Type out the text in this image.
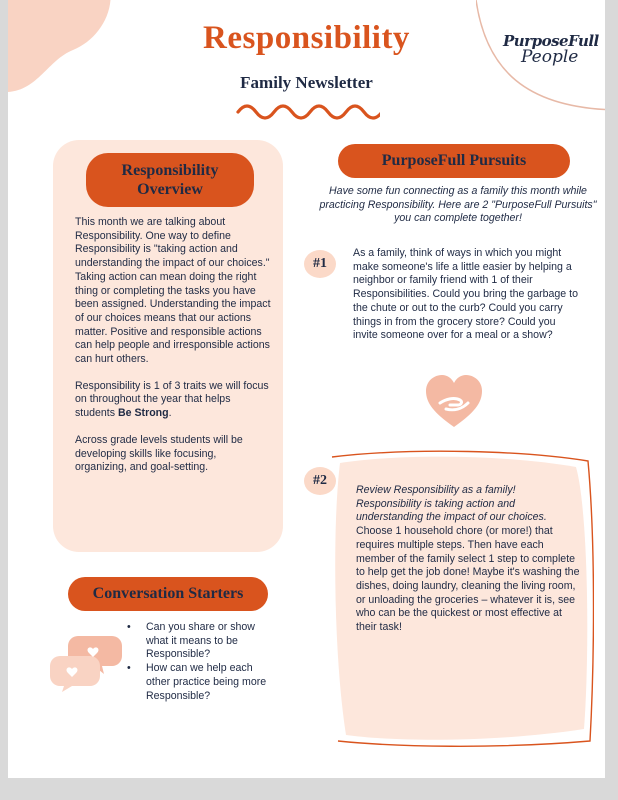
Responsibility
Family Newsletter
PurposeFull
People
Responsibility
Overview

This month we are talking about Responsibility. One way to define Responsibility is "taking action and understanding the impact of our choices." Taking action can mean doing the right thing or completing the tasks you have been assigned. Understanding the impact of our choices means that our actions matter. Positive and responsible actions can help people and irresponsible actions can hurt others.

Responsibility is 1 of 3 traits we will focus on throughout the year that helps students Be Strong.

Across grade levels students will be developing skills like focusing, organizing, and goal-setting.

Conversation Starters
• Can you share or show what it means to be Responsible?
• How can we help each other practice being more Responsible?
PurposeFull Pursuits
Have some fun connecting as a family this month while practicing Responsibility. Here are 2 "PurposeFull Pursuits" you can complete together!
#1
As a family, think of ways in which you might make someone's life a little easier by helping a neighbor or family friend with 1 of their Responsibilities. Could you bring the garbage to the chute or out to the curb? Could you carry things in from the grocery store? Could you invite someone over for a meal or a show?
#2
Review Responsibility as a family! Responsibility is taking action and understanding the impact of our choices.
Choose 1 household chore (or more!) that requires multiple steps. Then have each member of the family select 1 step to complete to help get the job done! Maybe it's washing the dishes, doing laundry, cleaning the living room, or unloading the groceries – whatever it is, see who can be the quickest or most effective at their task!
